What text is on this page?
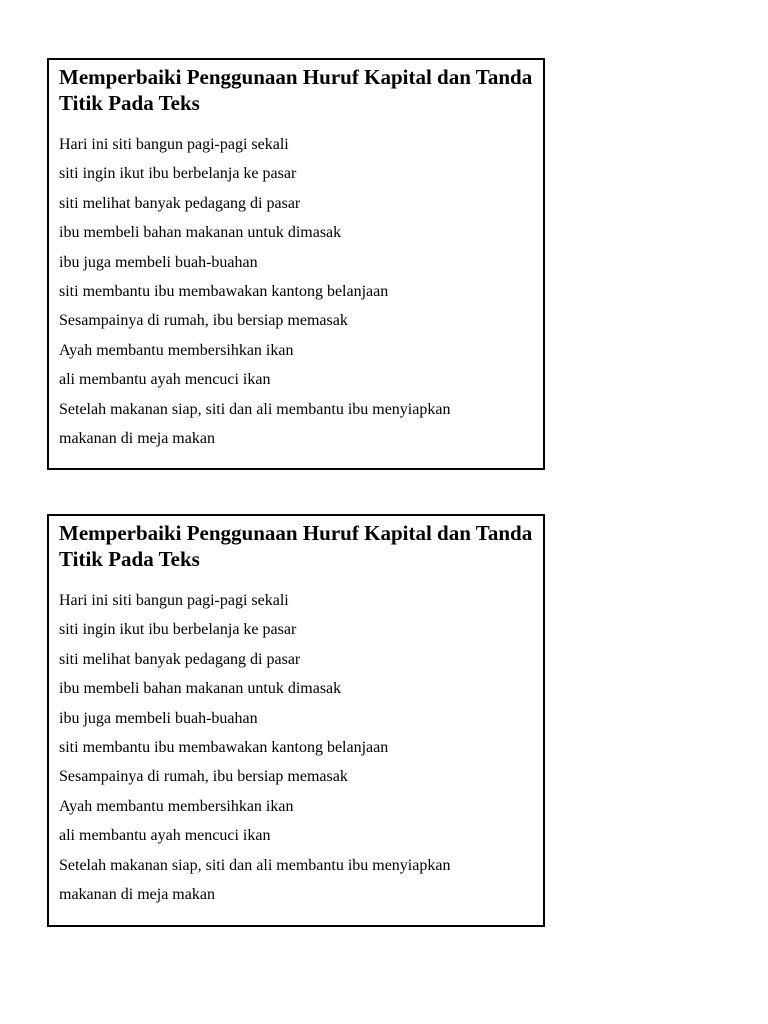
Memperbaiki Penggunaan Huruf Kapital dan Tanda Titik Pada Teks
Hari ini siti bangun pagi-pagi sekali
siti ingin ikut ibu berbelanja ke pasar
siti melihat banyak pedagang di pasar
ibu membeli bahan makanan untuk dimasak
ibu juga membeli buah-buahan
siti membantu ibu membawakan kantong belanjaan
Sesampainya di rumah, ibu bersiap memasak
Ayah membantu membersihkan ikan
ali membantu ayah mencuci ikan
Setelah makanan siap, siti dan ali membantu ibu menyiapkan
makanan di meja makan
Memperbaiki Penggunaan Huruf Kapital dan Tanda Titik Pada Teks
Hari ini siti bangun pagi-pagi sekali
siti ingin ikut ibu berbelanja ke pasar
siti melihat banyak pedagang di pasar
ibu membeli bahan makanan untuk dimasak
ibu juga membeli buah-buahan
siti membantu ibu membawakan kantong belanjaan
Sesampainya di rumah, ibu bersiap memasak
Ayah membantu membersihkan ikan
ali membantu ayah mencuci ikan
Setelah makanan siap, siti dan ali membantu ibu menyiapkan
makanan di meja makan
